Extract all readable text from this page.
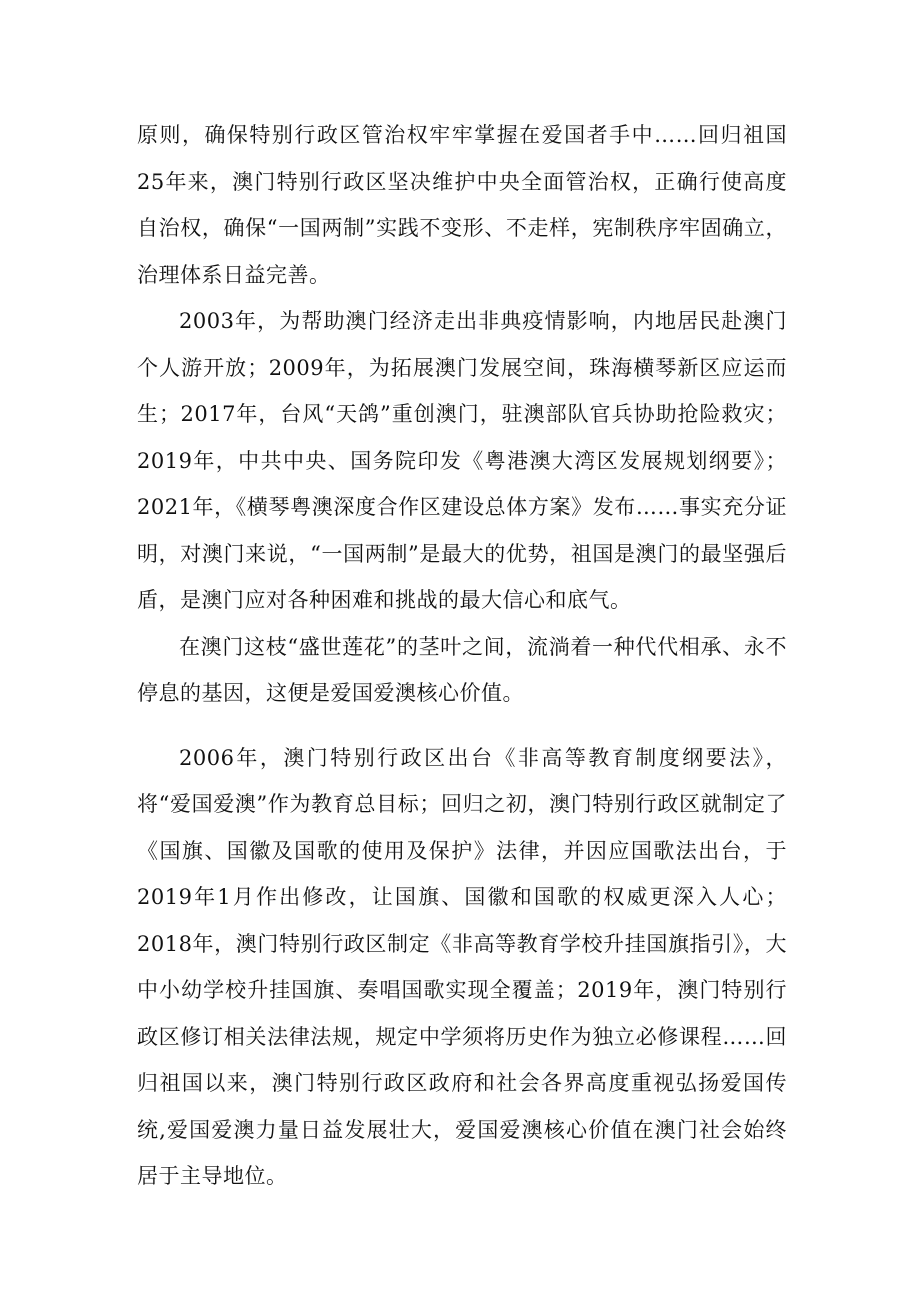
原则，确保特别行政区管治权牢牢掌握在爱国者手中……回归祖国25年来，澳门特别行政区坚决维护中央全面管治权，正确行使高度自治权，确保“一国两制”实践不变形、不走样，宪制秩序牢固确立，治理体系日益完善。

2003年，为帮助澳门经济走出非典疫情影响，内地居民赴澳门个人游开放；2009年，为拓展澳门发展空间，珠海横琴新区应运而生；2017年，台风“天鸽”重创澳门，驻澳部队官兵协助抢险救灾；2019年，中共中央、国务院印发《粤港澳大湾区发展规划纲要》；2021年，《横琴粤澳深度合作区建设总体方案》发布……事实充分证明，对澳门来说，“一国两制”是最大的优势，祖国是澳门的最坚强后盾，是澳门应对各种困难和挑战的最大信心和底气。

在澳门这枝“盛世莲花”的茎叶之间，流淌着一种代代相承、永不停息的基因，这便是爱国爱澳核心价值。

2006年，澳门特别行政区出台《非高等教育制度纲要法》，将“爱国爱澳”作为教育总目标；回归之初，澳门特别行政区就制定了《国旗、国徽及国歌的使用及保护》法律，并因应国歌法出台，于2019年1月作出修改，让国旗、国徽和国歌的权威更深入人心；2018年，澳门特别行政区制定《非高等教育学校升挂国旗指引》，大中小幼学校升挂国旗、奏唱国歌实现全覆盖；2019年，澳门特别行政区修订相关法律法规，规定中学须将历史作为独立必修课程……回归祖国以来，澳门特别行政区政府和社会各界高度重视弘扬爱国传统,爱国爱澳力量日益发展壮大，爱国爱澳核心价值在澳门社会始终居于主导地位。
